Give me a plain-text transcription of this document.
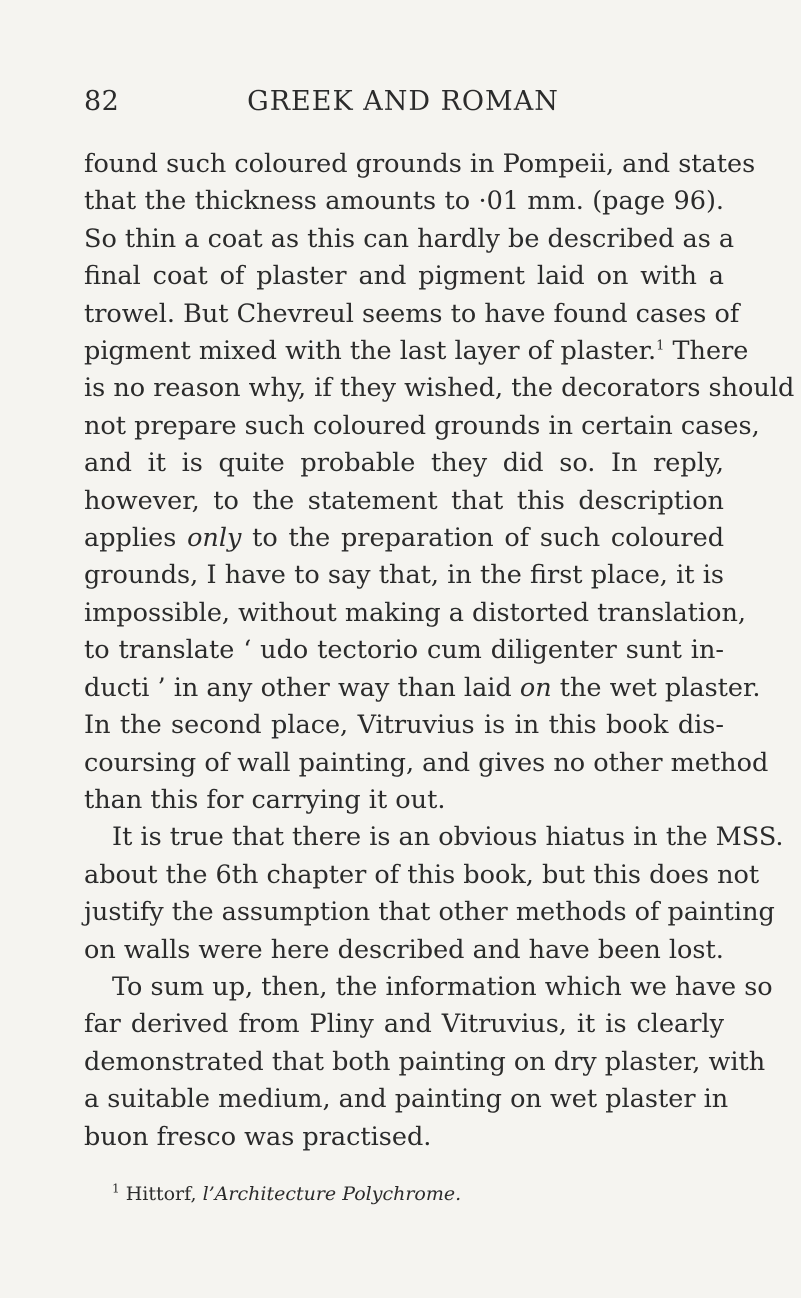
82	GREEK AND ROMAN
found such coloured grounds in Pompeii, and states
that the thickness amounts to ·01 mm. (page 96).
So thin a coat as this can hardly be described as a
final coat of plaster and pigment laid on with a
trowel. But Chevreul seems to have found cases of
pigment mixed with the last layer of plaster.$^1$ There
is no reason why, if they wished, the decorators should
not prepare such coloured grounds in certain cases,
and it is quite probable they did so. In reply,
however, to the statement that this description
applies only to the preparation of such coloured
grounds, I have to say that, in the first place, it is
impossible, without making a distorted translation,
to translate ‘ udo tectorio cum diligenter sunt in-
ducti ’ in any other way than laid on the wet plaster.
In the second place, Vitruvius is in this book dis-
coursing of wall painting, and gives no other method
than this for carrying it out.
It is true that there is an obvious hiatus in the MSS.
about the 6th chapter of this book, but this does not
justify the assumption that other methods of painting
on walls were here described and have been lost.
To sum up, then, the information which we have so
far derived from Pliny and Vitruvius, it is clearly
demonstrated that both painting on dry plaster, with
a suitable medium, and painting on wet plaster in
buon fresco was practised.
$^1$ Hittorf, l’Architecture Polychrome.
